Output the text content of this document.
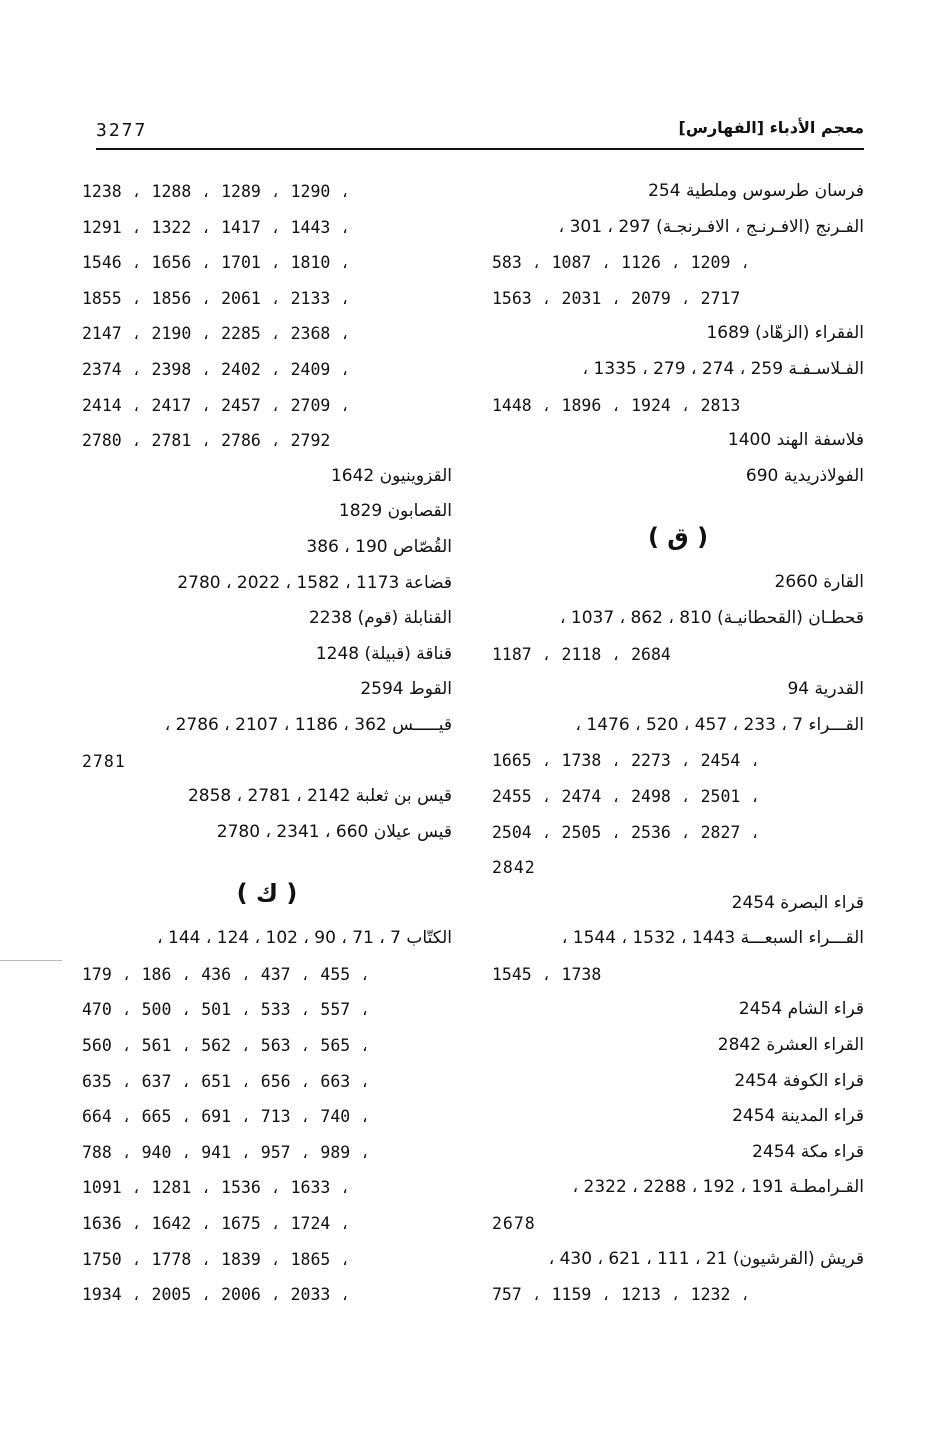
3277	معجم الأدباء [الفهارس]
فرسان طرسوس وملطية 254
الفـرنج (الافـرنـج ، الافـرنجـة) 297 ، 301 ،
583 ، 1087 ، 1126 ، 1209 ،
1563 ، 2031 ، 2079 ، 2717
الفقراء (الزهّاد) 1689
الفـلاسـفـة 259 ، 274 ، 279 ، 1335 ،
1448 ، 1896 ، 1924 ، 2813
فلاسفة الهند 1400
الفولاذريدية 690
( ق )
القارة 2660
قحطـان (القحطانيـة) 810 ، 862 ، 1037 ،
1187 ، 2118 ، 2684
القدرية 94
القـــراء 7 ، 233 ، 457 ، 520 ، 1476 ،
1665 ، 1738 ، 2273 ، 2454 ،
2455 ، 2474 ، 2498 ، 2501 ،
2504 ، 2505 ، 2536 ، 2827 ،
2842
قراء البصرة 2454
القـــراء السبعـــة 1443 ، 1532 ، 1544 ،
1545 ، 1738
قراء الشام 2454
القراء العشرة 2842
قراء الكوفة 2454
قراء المدينة 2454
قراء مكة 2454
القـرامطـة 191 ، 192 ، 2288 ، 2322 ،
2678
قريش (القرشيون) 21 ، 111 ، 621 ، 430 ،
757 ، 1159 ، 1213 ، 1232 ،
1238 ، 1288 ، 1289 ، 1290 ،
1291 ، 1322 ، 1417 ، 1443 ،
1546 ، 1656 ، 1701 ، 1810 ،
1855 ، 1856 ، 2061 ، 2133 ،
2147 ، 2190 ، 2285 ، 2368 ،
2374 ، 2398 ، 2402 ، 2409 ،
2414 ، 2417 ، 2457 ، 2709 ،
2780 ، 2781 ، 2786 ، 2792
القزوينيون 1642
القصابون 1829
القُصّاص 190 ، 386
قضاعة 1173 ، 1582 ، 2022 ، 2780
القنابلة (قوم) 2238
قناقة (قبيلة) 1248
القوط 2594
قيـــــس 362 ، 1186 ، 2107 ، 2786 ،
2781
قيس بن ثعلبة 2142 ، 2781 ، 2858
قيس عيلان 660 ، 2341 ، 2780
( ك )
الكتّاب 7 ، 71 ، 90 ، 102 ، 124 ، 144 ،
179 ، 186 ، 436 ، 437 ، 455 ،
470 ، 500 ، 501 ، 533 ، 557 ،
560 ، 561 ، 562 ، 563 ، 565 ،
635 ، 637 ، 651 ، 656 ، 663 ،
664 ، 665 ، 691 ، 713 ، 740 ،
788 ، 940 ، 941 ، 957 ، 989 ،
1091 ، 1281 ، 1536 ، 1633 ،
1636 ، 1642 ، 1675 ، 1724 ،
1750 ، 1778 ، 1839 ، 1865 ،
1934 ، 2005 ، 2006 ، 2033 ،
